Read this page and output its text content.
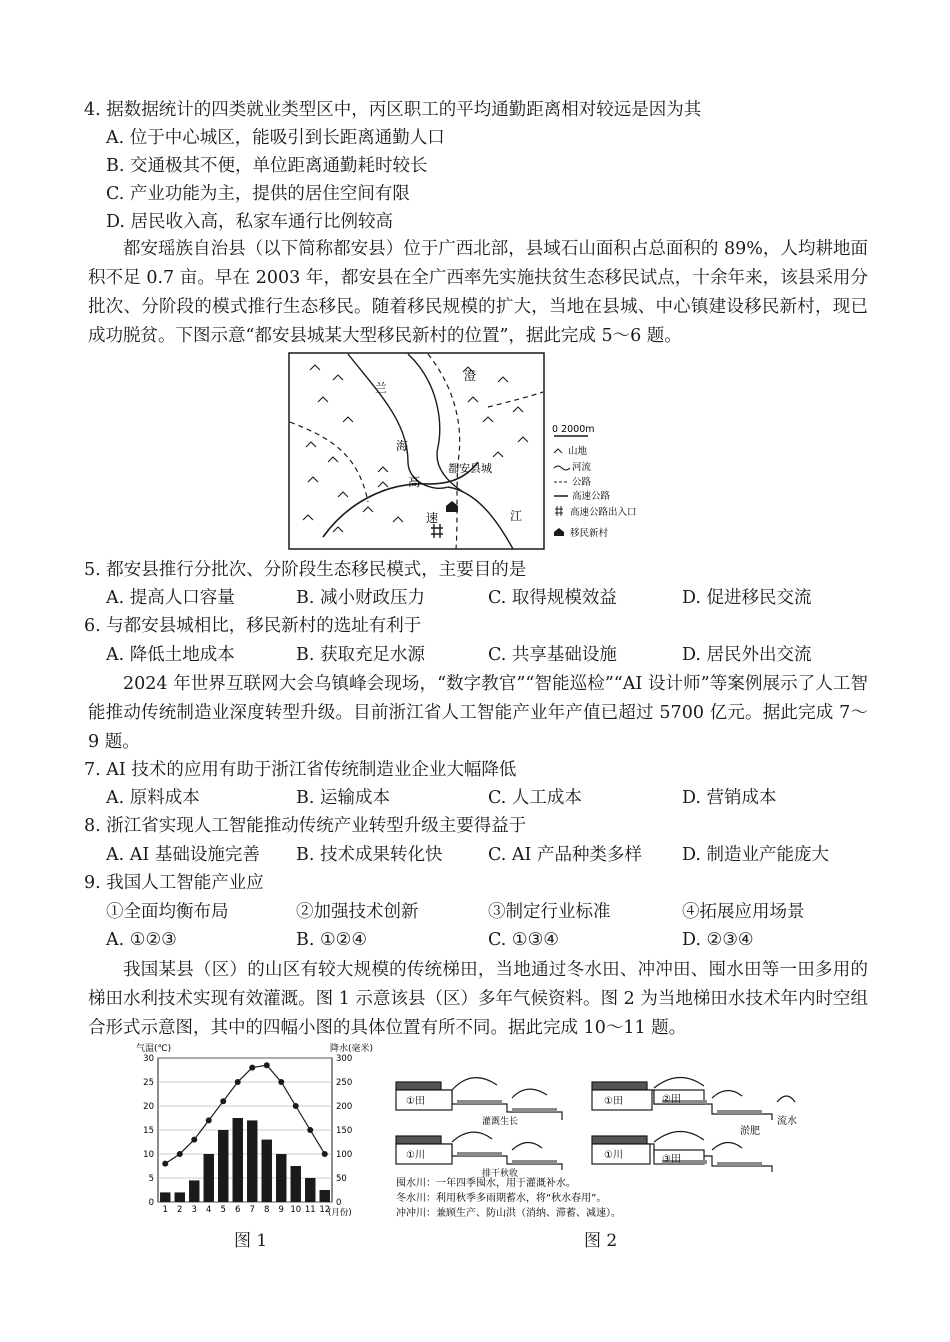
4. 据数据统计的四类就业类型区中，丙区职工的平均通勤距离相对较远是因为其
A. 位于中心城区，能吸引到长距离通勤人口
B. 交通极其不便，单位距离通勤耗时较长
C. 产业功能为主，提供的居住空间有限
D. 居民收入高，私家车通行比例较高
都安瑶族自治县（以下简称都安县）位于广西北部，县域石山面积占总面积的 89%，人均耕地面积不足 0.7 亩。早在 2003 年，都安县在全广西率先实施扶贫生态移民试点，十余年来，该县采用分批次、分阶段的模式推行生态移民。随着移民规模的扩大，当地在县城、中心镇建设移民新村，现已成功脱贫。下图示意“都安县城某大型移民新村的位置”，据此完成 5～6 题。
兰
澄
海
高
速	江
都安县城
0 2000m
山地
河流
公路
高速公路
高速公路出入口
移民新村
5. 都安县推行分批次、分阶段生态移民模式，主要目的是
A. 提高人口容量	B. 减小财政压力	C. 取得规模效益	D. 促进移民交流
6. 与都安县城相比，移民新村的选址有利于
A. 降低土地成本	B. 获取充足水源	C. 共享基础设施	D. 居民外出交流
2024 年世界互联网大会乌镇峰会现场，“数字教官”“智能巡检”“AI 设计师”等案例展示了人工智能推动传统制造业深度转型升级。目前浙江省人工智能产业年产值已超过 5700 亿元。据此完成 7～9 题。
7. AI 技术的应用有助于浙江省传统制造业企业大幅降低
A. 原料成本	B. 运输成本	C. 人工成本	D. 营销成本
8. 浙江省实现人工智能推动传统产业转型升级主要得益于
A. AI 基础设施完善 B. 技术成果转化快	C. AI 产品种类多样 D. 制造业产能庞大
9. 我国人工智能产业应
①全面均衡布局	②加强技术创新	③制定行业标准	④拓展应用场景
A. ①②③	B. ①②④	C. ①③④	D. ②③④
我国某县（区）的山区有较大规模的传统梯田，当地通过冬水田、冲冲田、囤水田等一田多用的梯田水利技术实现有效灌溉。图 1 示意该县（区）多年气候资料。图 2 为当地梯田水技术年内时空组合形式示意图，其中的四幅小图的具体位置有所不同。据此完成 10～11 题。
气温(℃)	降水(毫米)
(月份)
0	0
5	50
10	100
15	150
20	200
25	250
30	300
1 2 3 4 5 6 7 8 9 10 11 12
图 1
①田
灌溉生长
①田	②田
流水
①川
排干秋收
①川	③田
淤肥
囤水川：一年四季囤水，用于灌溉补水。
冬水川：利用秋季多雨期蓄水，将“秋水春用”。
冲冲川：兼顾生产、防山洪（消纳、滞蓄、减速）。
图 2
